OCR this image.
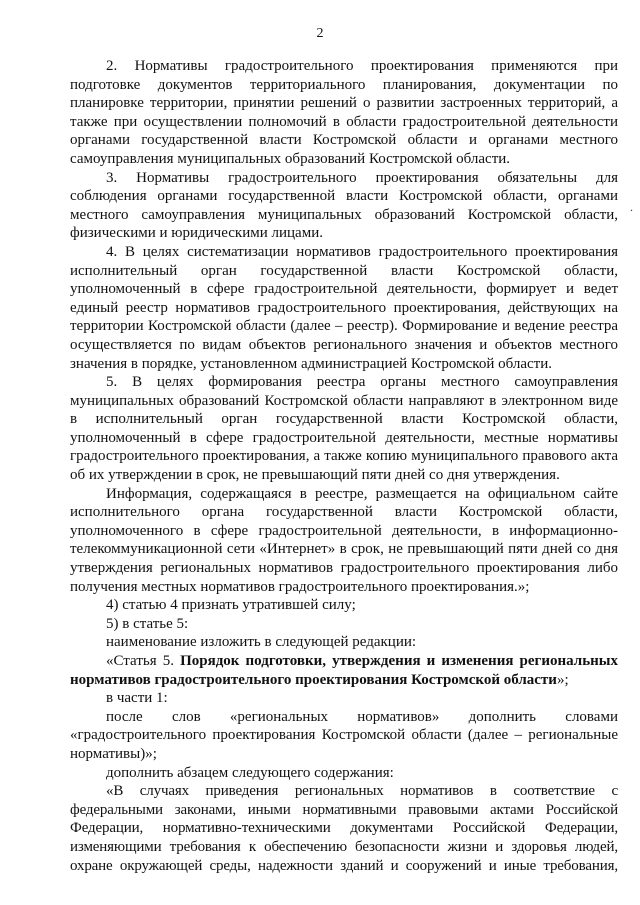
2

2. Нормативы градостроительного проектирования применяются при подготовке документов территориального планирования, документации по планировке территории, принятии решений о развитии застроенных территорий, а также при осуществлении полномочий в области градостроительной деятельности органами государственной власти Костромской области и органами местного самоуправления муниципальных образований Костромской области.

3. Нормативы градостроительного проектирования обязательны для соблюдения органами государственной власти Костромской области, органами местного самоуправления муниципальных образований Костромской области, физическими и юридическими лицами.

4. В целях систематизации нормативов градостроительного проектирования исполнительный орган государственной власти Костромской области, уполномоченный в сфере градостроительной деятельности, формирует и ведет единый реестр нормативов градостроительного проектирования, действующих на территории Костромской области (далее – реестр). Формирование и ведение реестра осуществляется по видам объектов регионального значения и объектов местного значения в порядке, установленном администрацией Костромской области.

5. В целях формирования реестра органы местного самоуправления муниципальных образований Костромской области направляют в электронном виде в исполнительный орган государственной власти Костромской области, уполномоченный в сфере градостроительной деятельности, местные нормативы градостроительного проектирования, а также копию муниципального правового акта об их утверждении в срок, не превышающий пяти дней со дня утверждения.

Информация, содержащаяся в реестре, размещается на официальном сайте исполнительного органа государственной власти Костромской области, уполномоченного в сфере градостроительной деятельности, в информационно-телекоммуникационной сети «Интернет» в срок, не превышающий пяти дней со дня утверждения региональных нормативов градостроительного проектирования либо получения местных нормативов градостроительного проектирования.»;

4) статью 4 признать утратившей силу;

5) в статье 5:

наименование изложить в следующей редакции:

«Статья 5. Порядок подготовки, утверждения и изменения региональных нормативов градостроительного проектирования Костромской области»;

в части 1:

после слов «региональных нормативов» дополнить словами «градостроительного проектирования Костромской области (далее – региональные нормативы)»;

дополнить абзацем следующего содержания:

«В случаях приведения региональных нормативов в соответствие с федеральными законами, иными нормативными правовыми актами Российской Федерации, нормативно-техническими документами Российской Федерации, изменяющими требования к обеспечению безопасности жизни и здоровья людей, охране окружающей среды, надежности зданий и сооружений и иные требования,

.
